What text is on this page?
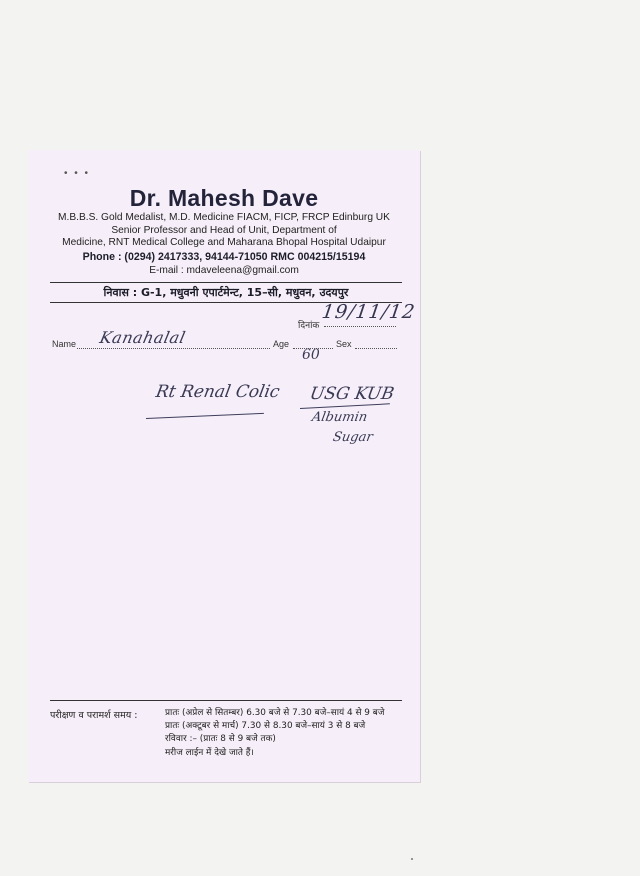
• • •
Dr. Mahesh Dave
M.B.B.S. Gold Medalist, M.D. Medicine FIACM, FICP, FRCP Edinburg UK
Senior Professor and Head of Unit, Department of
Medicine, RNT Medical College and Maharana Bhopal Hospital Udaipur
Phone : (0294) 2417333, 94144-71050 RMC 004215/15194
E-mail : mdaveleena@gmail.com
निवास : G-1, मधुवनी एपार्टमेन्ट, 15–सी, मधुवन, उदयपुर
दिनांक
19/11/12
Name Kanahalal	Age
60
Sex
Rt Renal Colic USG KUB
Albumin
Sugar
परीक्षण व परामर्श समय :	प्रातः (अप्रेल से सितम्बर) 6.30 बजे से 7.30 बजे–सायं 4 से 9 बजे
प्रातः (अक्टूबर से मार्च) 7.30 से 8.30 बजे–सायं 3 से 8 बजे
रविवार :– (प्रातः 8 से 9 बजे तक)
मरीज लाईन में देखे जाते हैं।
